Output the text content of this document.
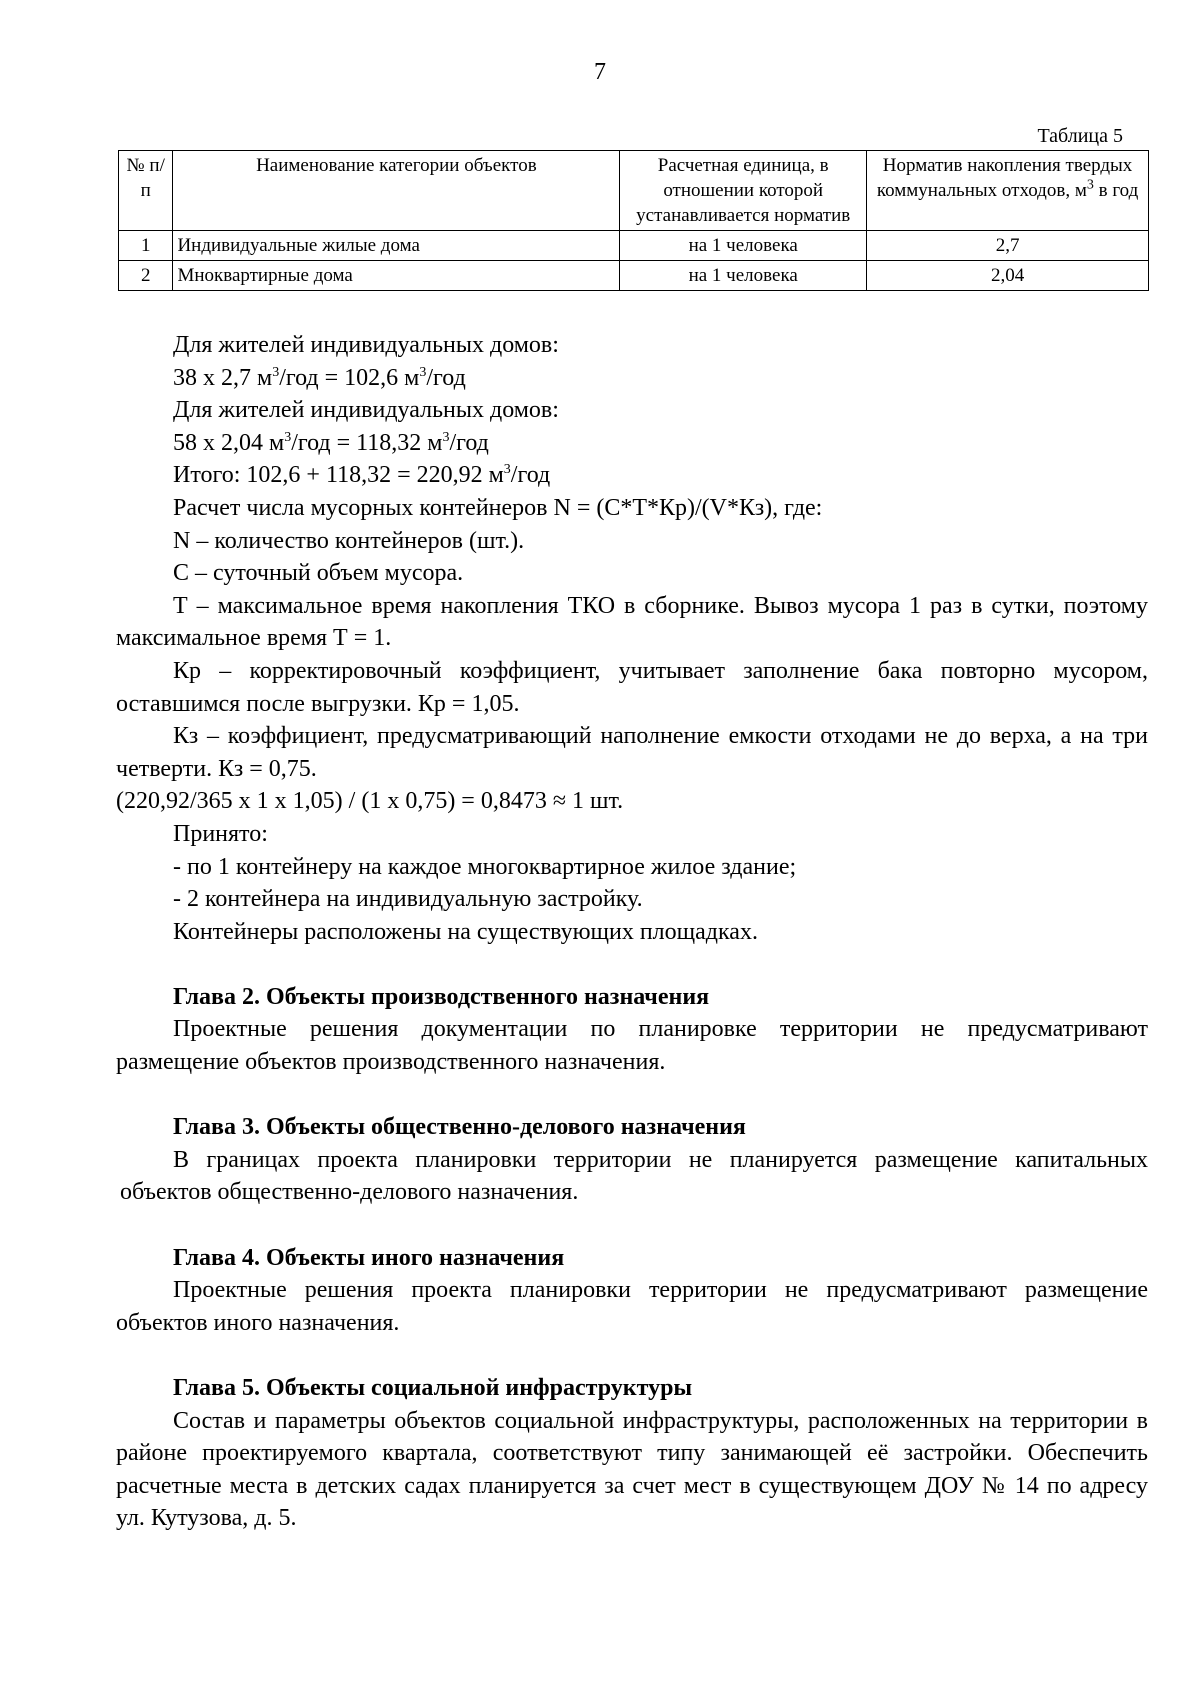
7
Таблица 5
№ п/п	Наименование категории объектов	Расчетная единица, в отношении которой устанавливается норматив	Норматив накопления твердых коммунальных отходов, $м^3$ в год
1	Индивидуальные жилые дома	на 1 человека	2,7
2	Мноквартирные дома	на 1 человека	2,04

Для жителей индивидуальных домов:

38 х 2,7 $м^3$/год = 102,6 $м^3$/год

Для жителей индивидуальных домов:

58 х 2,04 $м^3$/год = 118,32 $м^3$/год

Итого: 102,6 + 118,32 = 220,92 $м^3$/год

Расчет числа мусорных контейнеров N = (С*Т*Кр)/(V*Кз), где:

N – количество контейнеров (шт.).

С – суточный объем мусора.

Т – максимальное время накопления ТКО в сборнике. Вывоз мусора 1 раз в сутки, поэтому максимальное время Т = 1.

Кр – корректировочный коэффициент, учитывает заполнение бака повторно мусором, оставшимся после выгрузки. Кр = 1,05.

Кз – коэффициент, предусматривающий наполнение емкости отходами не до верха, а на три четверти. Кз = 0,75.

(220,92/365 х 1 х 1,05) / (1 х 0,75) = 0,8473 ≈ 1 шт.

Принято:

- по 1 контейнеру на каждое многоквартирное жилое здание;

- 2 контейнера на индивидуальную застройку.

Контейнеры расположены на существующих площадках.

Глава 2. Объекты производственного назначения

Проектные решения документации по планировке территории не предусматривают размещение объектов производственного назначения.

Глава 3. Объекты общественно-делового назначения

В границах проекта планировки территории не планируется размещение капитальных объектов общественно-делового назначения.

Глава 4. Объекты иного назначения

Проектные решения проекта планировки территории не предусматривают размещение объектов иного назначения.

Глава 5. Объекты социальной инфраструктуры

Состав и параметры объектов социальной инфраструктуры, расположенных на территории в районе проектируемого квартала, соответствуют типу занимающей её застройки. Обеспечить расчетные места в детских садах планируется за счет мест в существующем ДОУ № 14 по адресу ул. Кутузова, д. 5.
